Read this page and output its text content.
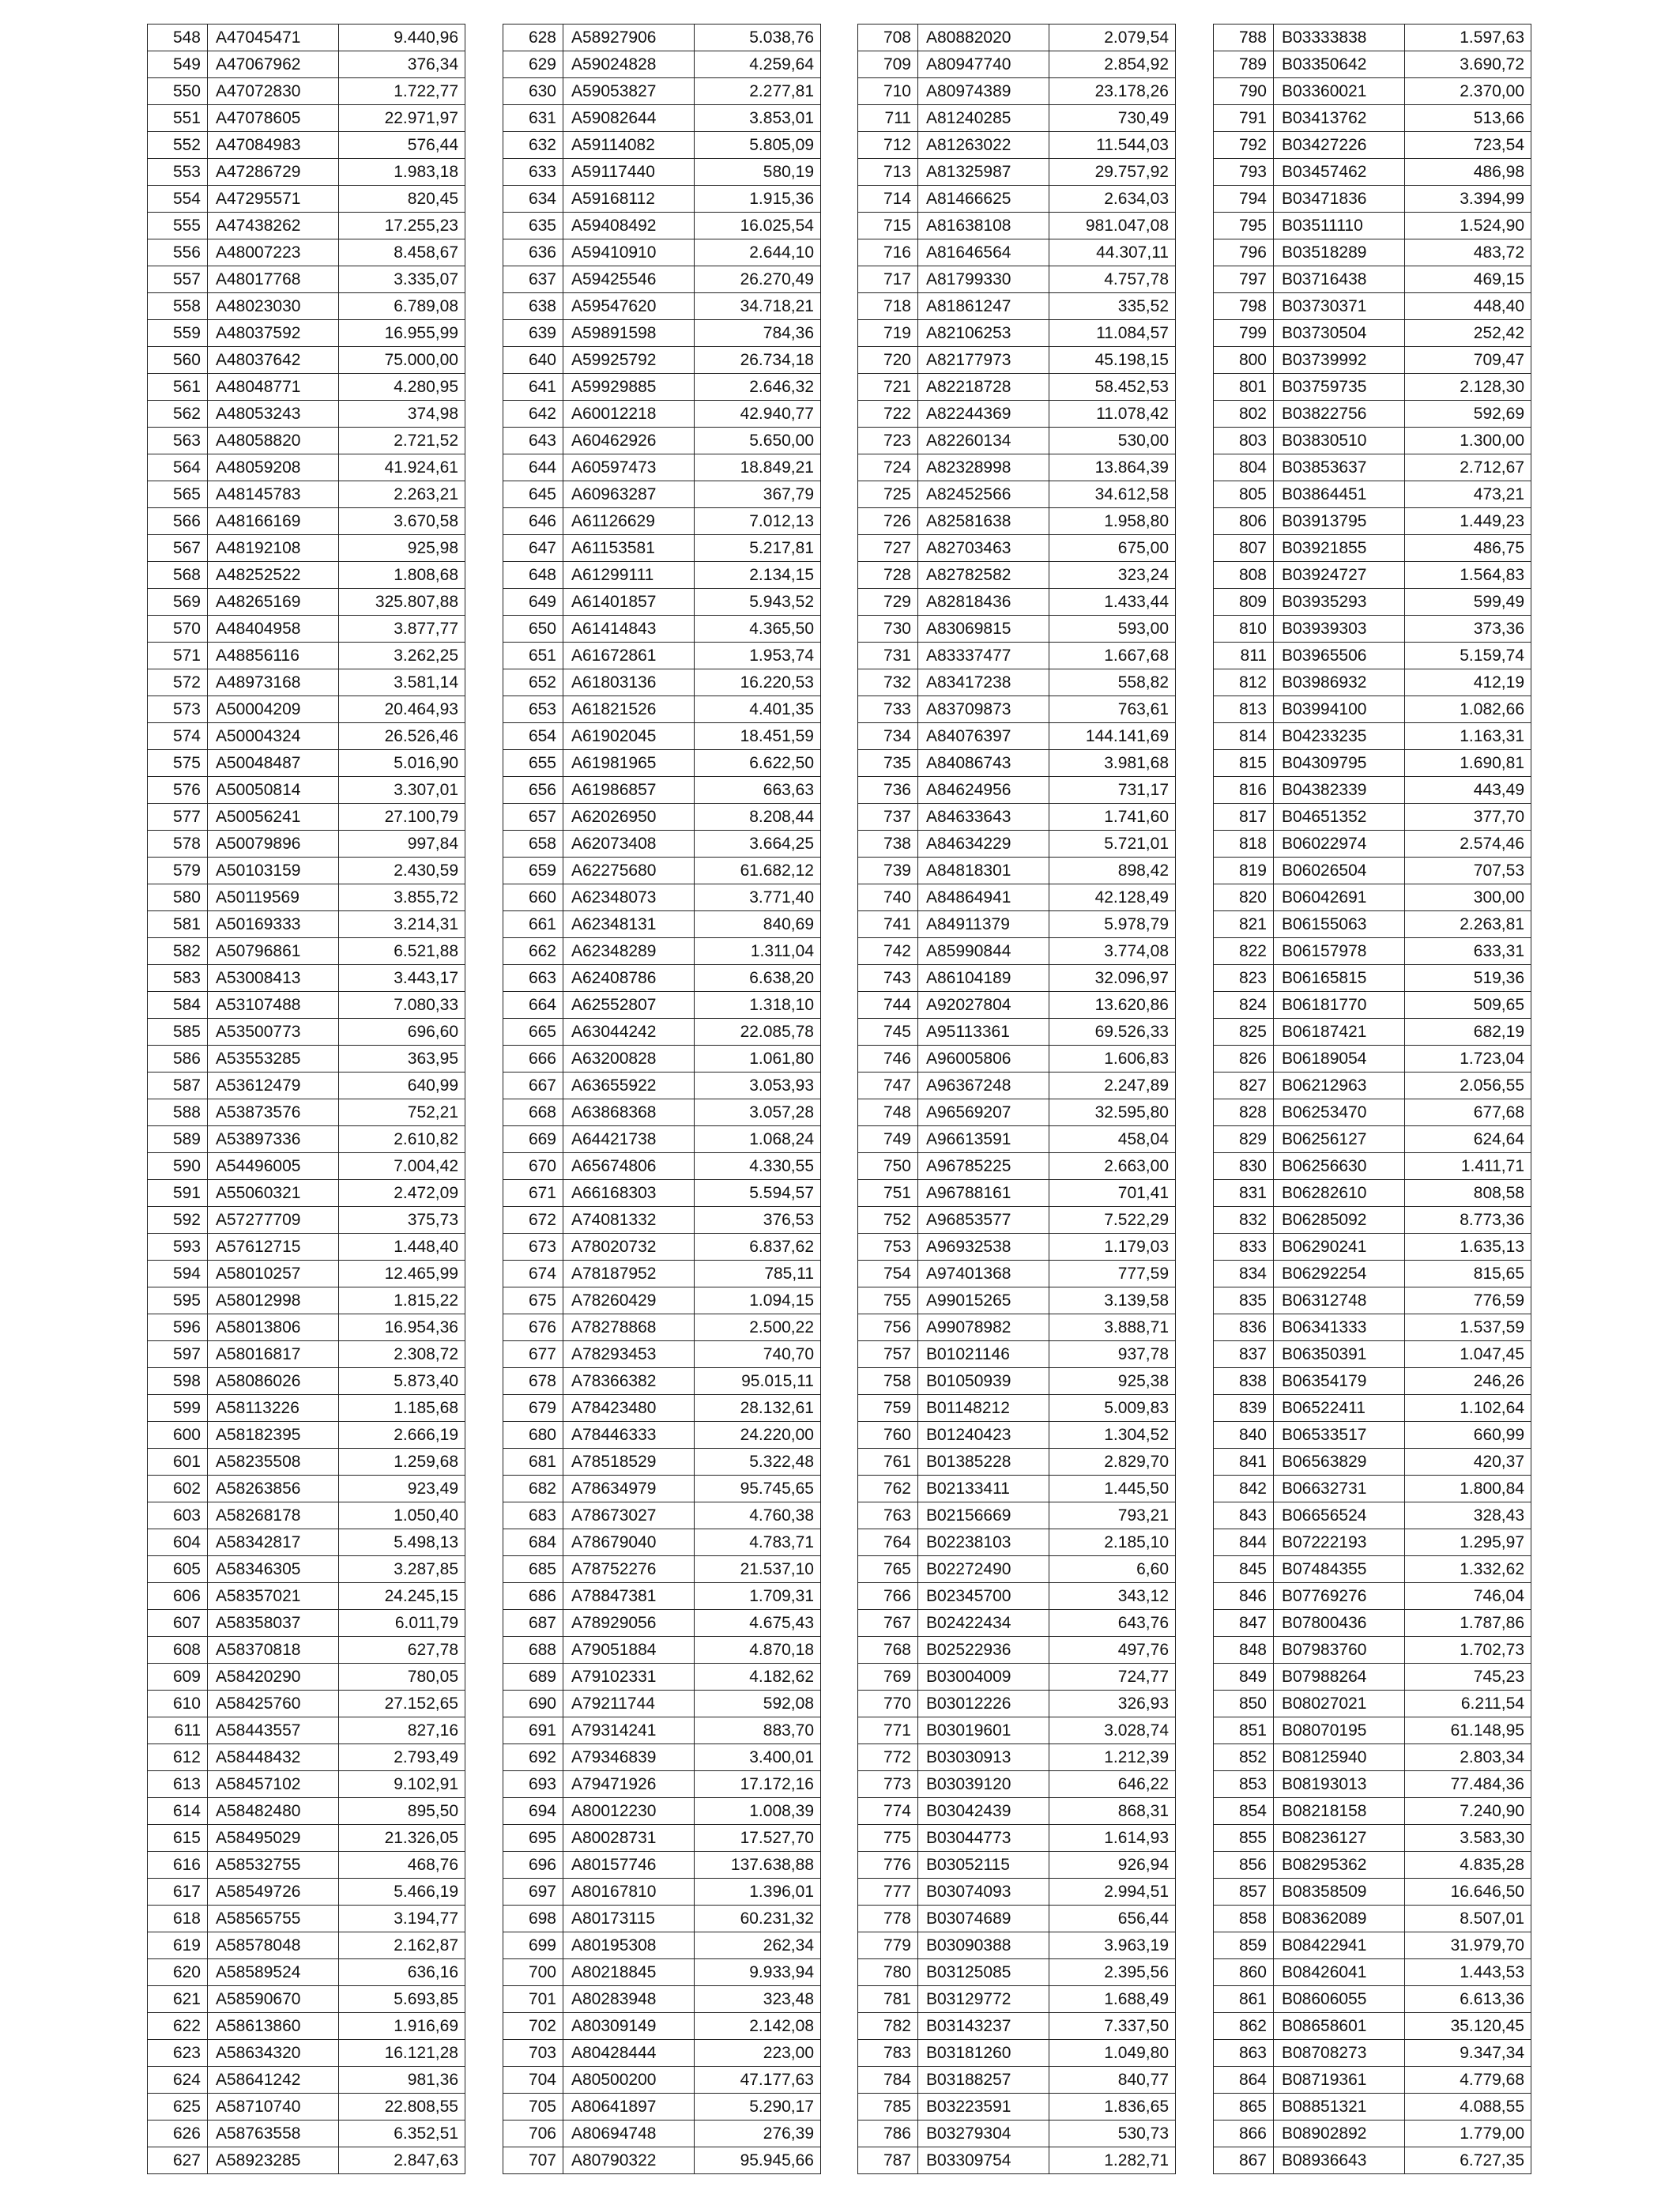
548	A47045471	9.440,96
549	A47067962	376,34
550	A47072830	1.722,77
551	A47078605	22.971,97
552	A47084983	576,44
553	A47286729	1.983,18
554	A47295571	820,45
555	A47438262	17.255,23
556	A48007223	8.458,67
557	A48017768	3.335,07
558	A48023030	6.789,08
559	A48037592	16.955,99
560	A48037642	75.000,00
561	A48048771	4.280,95
562	A48053243	374,98
563	A48058820	2.721,52
564	A48059208	41.924,61
565	A48145783	2.263,21
566	A48166169	3.670,58
567	A48192108	925,98
568	A48252522	1.808,68
569	A48265169	325.807,88
570	A48404958	3.877,77
571	A48856116	3.262,25
572	A48973168	3.581,14
573	A50004209	20.464,93
574	A50004324	26.526,46
575	A50048487	5.016,90
576	A50050814	3.307,01
577	A50056241	27.100,79
578	A50079896	997,84
579	A50103159	2.430,59
580	A50119569	3.855,72
581	A50169333	3.214,31
582	A50796861	6.521,88
583	A53008413	3.443,17
584	A53107488	7.080,33
585	A53500773	696,60
586	A53553285	363,95
587	A53612479	640,99
588	A53873576	752,21
589	A53897336	2.610,82
590	A54496005	7.004,42
591	A55060321	2.472,09
592	A57277709	375,73
593	A57612715	1.448,40
594	A58010257	12.465,99
595	A58012998	1.815,22
596	A58013806	16.954,36
597	A58016817	2.308,72
598	A58086026	5.873,40
599	A58113226	1.185,68
600	A58182395	2.666,19
601	A58235508	1.259,68
602	A58263856	923,49
603	A58268178	1.050,40
604	A58342817	5.498,13
605	A58346305	3.287,85
606	A58357021	24.245,15
607	A58358037	6.011,79
608	A58370818	627,78
609	A58420290	780,05
610	A58425760	27.152,65
611	A58443557	827,16
612	A58448432	2.793,49
613	A58457102	9.102,91
614	A58482480	895,50
615	A58495029	21.326,05
616	A58532755	468,76
617	A58549726	5.466,19
618	A58565755	3.194,77
619	A58578048	2.162,87
620	A58589524	636,16
621	A58590670	5.693,85
622	A58613860	1.916,69
623	A58634320	16.121,28
624	A58641242	981,36
625	A58710740	22.808,55
626	A58763558	6.352,51
627	A58923285	2.847,63
628	A58927906	5.038,76
629	A59024828	4.259,64
630	A59053827	2.277,81
631	A59082644	3.853,01
632	A59114082	5.805,09
633	A59117440	580,19
634	A59168112	1.915,36
635	A59408492	16.025,54
636	A59410910	2.644,10
637	A59425546	26.270,49
638	A59547620	34.718,21
639	A59891598	784,36
640	A59925792	26.734,18
641	A59929885	2.646,32
642	A60012218	42.940,77
643	A60462926	5.650,00
644	A60597473	18.849,21
645	A60963287	367,79
646	A61126629	7.012,13
647	A61153581	5.217,81
648	A61299111	2.134,15
649	A61401857	5.943,52
650	A61414843	4.365,50
651	A61672861	1.953,74
652	A61803136	16.220,53
653	A61821526	4.401,35
654	A61902045	18.451,59
655	A61981965	6.622,50
656	A61986857	663,63
657	A62026950	8.208,44
658	A62073408	3.664,25
659	A62275680	61.682,12
660	A62348073	3.771,40
661	A62348131	840,69
662	A62348289	1.311,04
663	A62408786	6.638,20
664	A62552807	1.318,10
665	A63044242	22.085,78
666	A63200828	1.061,80
667	A63655922	3.053,93
668	A63868368	3.057,28
669	A64421738	1.068,24
670	A65674806	4.330,55
671	A66168303	5.594,57
672	A74081332	376,53
673	A78020732	6.837,62
674	A78187952	785,11
675	A78260429	1.094,15
676	A78278868	2.500,22
677	A78293453	740,70
678	A78366382	95.015,11
679	A78423480	28.132,61
680	A78446333	24.220,00
681	A78518529	5.322,48
682	A78634979	95.745,65
683	A78673027	4.760,38
684	A78679040	4.783,71
685	A78752276	21.537,10
686	A78847381	1.709,31
687	A78929056	4.675,43
688	A79051884	4.870,18
689	A79102331	4.182,62
690	A79211744	592,08
691	A79314241	883,70
692	A79346839	3.400,01
693	A79471926	17.172,16
694	A80012230	1.008,39
695	A80028731	17.527,70
696	A80157746	137.638,88
697	A80167810	1.396,01
698	A80173115	60.231,32
699	A80195308	262,34
700	A80218845	9.933,94
701	A80283948	323,48
702	A80309149	2.142,08
703	A80428444	223,00
704	A80500200	47.177,63
705	A80641897	5.290,17
706	A80694748	276,39
707	A80790322	95.945,66
708	A80882020	2.079,54
709	A80947740	2.854,92
710	A80974389	23.178,26
711	A81240285	730,49
712	A81263022	11.544,03
713	A81325987	29.757,92
714	A81466625	2.634,03
715	A81638108	981.047,08
716	A81646564	44.307,11
717	A81799330	4.757,78
718	A81861247	335,52
719	A82106253	11.084,57
720	A82177973	45.198,15
721	A82218728	58.452,53
722	A82244369	11.078,42
723	A82260134	530,00
724	A82328998	13.864,39
725	A82452566	34.612,58
726	A82581638	1.958,80
727	A82703463	675,00
728	A82782582	323,24
729	A82818436	1.433,44
730	A83069815	593,00
731	A83337477	1.667,68
732	A83417238	558,82
733	A83709873	763,61
734	A84076397	144.141,69
735	A84086743	3.981,68
736	A84624956	731,17
737	A84633643	1.741,60
738	A84634229	5.721,01
739	A84818301	898,42
740	A84864941	42.128,49
741	A84911379	5.978,79
742	A85990844	3.774,08
743	A86104189	32.096,97
744	A92027804	13.620,86
745	A95113361	69.526,33
746	A96005806	1.606,83
747	A96367248	2.247,89
748	A96569207	32.595,80
749	A96613591	458,04
750	A96785225	2.663,00
751	A96788161	701,41
752	A96853577	7.522,29
753	A96932538	1.179,03
754	A97401368	777,59
755	A99015265	3.139,58
756	A99078982	3.888,71
757	B01021146	937,78
758	B01050939	925,38
759	B01148212	5.009,83
760	B01240423	1.304,52
761	B01385228	2.829,70
762	B02133411	1.445,50
763	B02156669	793,21
764	B02238103	2.185,10
765	B02272490	6,60
766	B02345700	343,12
767	B02422434	643,76
768	B02522936	497,76
769	B03004009	724,77
770	B03012226	326,93
771	B03019601	3.028,74
772	B03030913	1.212,39
773	B03039120	646,22
774	B03042439	868,31
775	B03044773	1.614,93
776	B03052115	926,94
777	B03074093	2.994,51
778	B03074689	656,44
779	B03090388	3.963,19
780	B03125085	2.395,56
781	B03129772	1.688,49
782	B03143237	7.337,50
783	B03181260	1.049,80
784	B03188257	840,77
785	B03223591	1.836,65
786	B03279304	530,73
787	B03309754	1.282,71
788	B03333838	1.597,63
789	B03350642	3.690,72
790	B03360021	2.370,00
791	B03413762	513,66
792	B03427226	723,54
793	B03457462	486,98
794	B03471836	3.394,99
795	B03511110	1.524,90
796	B03518289	483,72
797	B03716438	469,15
798	B03730371	448,40
799	B03730504	252,42
800	B03739992	709,47
801	B03759735	2.128,30
802	B03822756	592,69
803	B03830510	1.300,00
804	B03853637	2.712,67
805	B03864451	473,21
806	B03913795	1.449,23
807	B03921855	486,75
808	B03924727	1.564,83
809	B03935293	599,49
810	B03939303	373,36
811	B03965506	5.159,74
812	B03986932	412,19
813	B03994100	1.082,66
814	B04233235	1.163,31
815	B04309795	1.690,81
816	B04382339	443,49
817	B04651352	377,70
818	B06022974	2.574,46
819	B06026504	707,53
820	B06042691	300,00
821	B06155063	2.263,81
822	B06157978	633,31
823	B06165815	519,36
824	B06181770	509,65
825	B06187421	682,19
826	B06189054	1.723,04
827	B06212963	2.056,55
828	B06253470	677,68
829	B06256127	624,64
830	B06256630	1.411,71
831	B06282610	808,58
832	B06285092	8.773,36
833	B06290241	1.635,13
834	B06292254	815,65
835	B06312748	776,59
836	B06341333	1.537,59
837	B06350391	1.047,45
838	B06354179	246,26
839	B06522411	1.102,64
840	B06533517	660,99
841	B06563829	420,37
842	B06632731	1.800,84
843	B06656524	328,43
844	B07222193	1.295,97
845	B07484355	1.332,62
846	B07769276	746,04
847	B07800436	1.787,86
848	B07983760	1.702,73
849	B07988264	745,23
850	B08027021	6.211,54
851	B08070195	61.148,95
852	B08125940	2.803,34
853	B08193013	77.484,36
854	B08218158	7.240,90
855	B08236127	3.583,30
856	B08295362	4.835,28
857	B08358509	16.646,50
858	B08362089	8.507,01
859	B08422941	31.979,70
860	B08426041	1.443,53
861	B08606055	6.613,36
862	B08658601	35.120,45
863	B08708273	9.347,34
864	B08719361	4.779,68
865	B08851321	4.088,55
866	B08902892	1.779,00
867	B08936643	6.727,35
